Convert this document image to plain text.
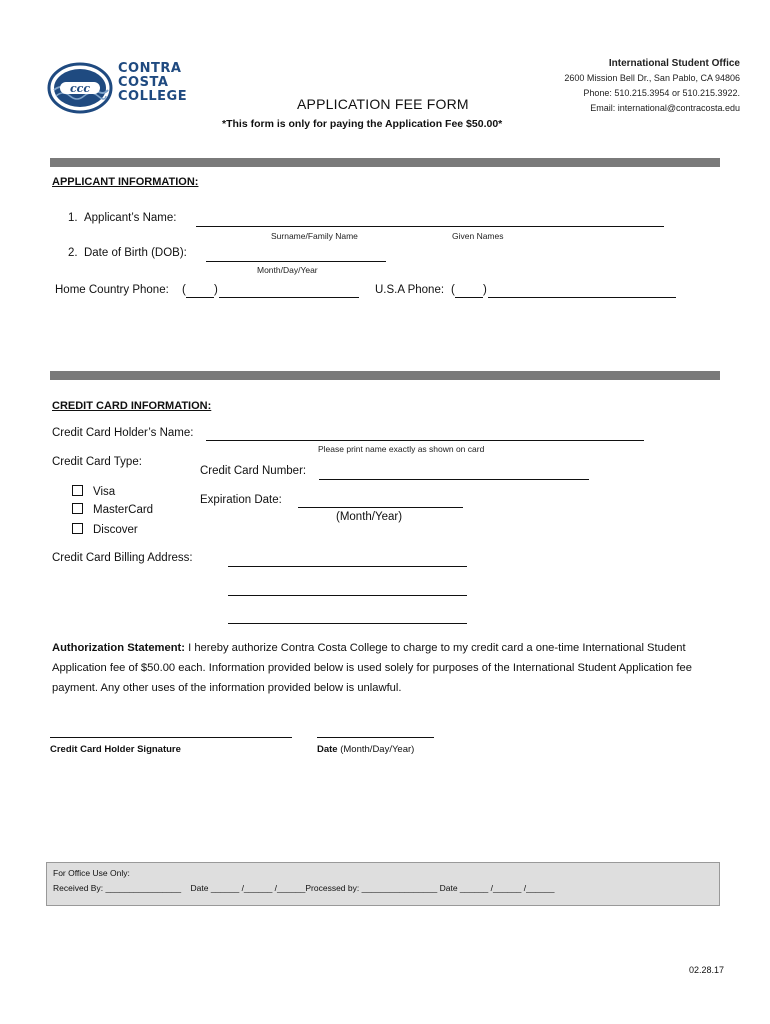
ccc
CONTRA
COSTA
COLLEGE
International Student Office
2600 Mission Bell Dr., San Pablo, CA 94806
Phone: 510.215.3954 or 510.215.3922.
Email: international@contracosta.edu
APPLICATION FEE FORM
*This form is only for paying the Application Fee $50.00*
APPLICANT INFORMATION:
1.  Applicant’s Name:
Surname/Family Name	Given Names
2.  Date of Birth (DOB):
Month/Day/Year
Home Country Phone: ( )	U.S.A Phone: ( )
CREDIT CARD INFORMATION:
Credit Card Holder’s Name:
Please print name exactly as shown on card
Credit Card Type:
Credit Card Number:
Visa
MasterCard
Discover
Expiration Date:
(Month/Year)
Credit Card Billing Address:
Authorization Statement: I hereby authorize Contra Costa College to charge to my credit card a one-time International Student Application fee of $50.00 each. Information provided below is used solely for purposes of the International Student Application fee payment. Any other uses of the information provided below is unlawful.
Credit Card Holder Signature	Date (Month/Day/Year)
For Office Use Only:
Received By: ________________    Date ______ /______ /______Processed by: ________________ Date ______ /______ /______
02.28.17
